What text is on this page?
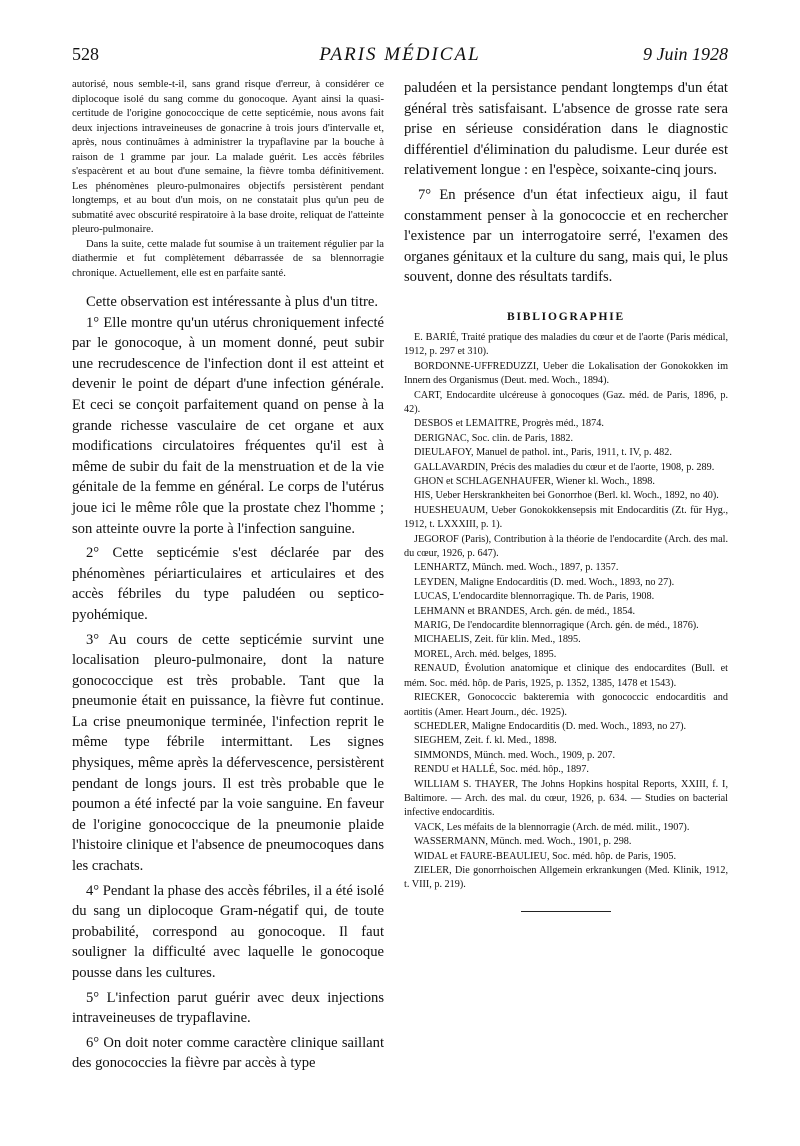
PARIS MÉDICAL
528	9 Juin 1928

autorisé, nous semble-t-il, sans grand risque d'erreur, à considérer ce diplocoque isolé du sang comme du gonocoque. Ayant ainsi la quasi-certitude de l'origine gonococcique de cette septicémie, nous avons fait deux injections intraveineuses de gonacrine à trois jours d'intervalle et, après, nous continuâmes à administrer la trypaflavine par la bouche à raison de 1 gramme par jour. La malade guérit. Les accès fébriles s'espacèrent et au bout d'une semaine, la fièvre tomba définitivement. Les phénomènes pleuro-pulmonaires objectifs persistèrent pendant longtemps, et au bout d'un mois, on ne constatait plus qu'un peu de submatité avec obscurité respiratoire à la base droite, reliquat de l'atteinte pleuro-pulmonaire.

Dans la suite, cette malade fut soumise à un traitement régulier par la diathermie et fut complètement débarrassée de sa blennorragie chronique. Actuellement, elle est en parfaite santé.

Cette observation est intéressante à plus d'un titre.

1° Elle montre qu'un utérus chroniquement infecté par le gonocoque, à un moment donné, peut subir une recrudescence de l'infection dont il est atteint et devenir le point de départ d'une infection générale. Et ceci se conçoit parfaitement quand on pense à la grande richesse vasculaire de cet organe et aux modifications circulatoires fréquentes qu'il est à même de subir du fait de la menstruation et de la vie génitale de la femme en général. Le corps de l'utérus joue ici le même rôle que la prostate chez l'homme ; son atteinte ouvre la porte à l'infection sanguine.

2° Cette septicémie s'est déclarée par des phénomènes périarticulaires et articulaires et des accès fébriles du type paludéen ou septico-pyohémique.

3° Au cours de cette septicémie survint une localisation pleuro-pulmonaire, dont la nature gonococcique est très probable. Tant que la pneumonie était en puissance, la fièvre fut continue. La crise pneumonique terminée, l'infection reprit le même type fébrile intermittant. Les signes physiques, même après la défervescence, persistèrent pendant de longs jours. Il est très probable que le poumon a été infecté par la voie sanguine. En faveur de l'origine gonococcique de la pneumonie plaide l'histoire clinique et l'absence de pneumocoques dans les crachats.

4° Pendant la phase des accès fébriles, il a été isolé du sang un diplocoque Gram-négatif qui, de toute probabilité, correspond au gonocoque. Il faut souligner la difficulté avec laquelle le gonocoque pousse dans les cultures.

5° L'infection parut guérir avec deux injections intraveineuses de trypaflavine.

6° On doit noter comme caractère clinique saillant des gonococcies la fièvre par accès à type

paludéen et la persistance pendant longtemps d'un état général très satisfaisant. L'absence de grosse rate sera prise en sérieuse considération dans le diagnostic différentiel d'élimination du paludisme. Leur durée est relativement longue : en l'espèce, soixante-cinq jours.

7° En présence d'un état infectieux aigu, il faut constamment penser à la gonococcie et en rechercher l'existence par un interrogatoire serré, l'examen des organes génitaux et la culture du sang, mais qui, le plus souvent, donne des résultats tardifs.

BIBLIOGRAPHIE
E. BARIÉ, Traité pratique des maladies du cœur et de l'aorte (Paris médical, 1912, p. 297 et 310).
BORDONNE-UFFREDUZZI, Ueber die Lokalisation der Gonokokken im Innern des Organismus (Deut. med. Woch., 1894).
CART, Endocardite ulcéreuse à gonocoques (Gaz. méd. de Paris, 1896, p. 42).
DESBOS et LEMAITRE, Progrès méd., 1874.
DERIGNAC, Soc. clin. de Paris, 1882.
DIEULAFOY, Manuel de pathol. int., Paris, 1911, t. IV, p. 482.
GALLAVARDIN, Précis des maladies du cœur et de l'aorte, 1908, p. 289.
GHON et SCHLAGENHAUFER, Wiener kl. Woch., 1898.
HIS, Ueber Herskrankheiten bei Gonorrhoe (Berl. kl. Woch., 1892, no 40).
HUESHEUAUM, Ueber Gonokokkensepsis mit Endocarditis (Zt. für Hyg., 1912, t. LXXXIII, p. 1).
JEGOROF (Paris), Contribution à la théorie de l'endocardite (Arch. des mal. du cœur, 1926, p. 647).
LENHARTZ, Münch. med. Woch., 1897, p. 1357.
LEYDEN, Maligne Endocarditis (D. med. Woch., 1893, no 27).
LUCAS, L'endocardite blennorragique. Th. de Paris, 1908.
LEHMANN et BRANDES, Arch. gén. de méd., 1854.
MARIG, De l'endocardite blennorragique (Arch. gén. de méd., 1876).
MICHAELIS, Zeit. für klin. Med., 1895.
MOREL, Arch. méd. belges, 1895.
RENAUD, Évolution anatomique et clinique des endocardites (Bull. et mém. Soc. méd. hôp. de Paris, 1925, p. 1352, 1385, 1478 et 1543).
RIECKER, Gonococcic bakteremia with gonococcic endocarditis and aortitis (Amer. Heart Journ., déc. 1925).
SCHEDLER, Maligne Endocarditis (D. med. Woch., 1893, no 27).
SIEGHEM, Zeit. f. kl. Med., 1898.
SIMMONDS, Münch. med. Woch., 1909, p. 207.
RENDU et HALLÉ, Soc. méd. hôp., 1897.
WILLIAM S. THAYER, The Johns Hopkins hospital Reports, XXIII, f. I, Baltimore. — Arch. des mal. du cœur, 1926, p. 634. — Studies on bacterial infective endocarditis.
VACK, Les méfaits de la blennorragie (Arch. de méd. milit., 1907).
WASSERMANN, Münch. med. Woch., 1901, p. 298.
WIDAL et FAURE-BEAULIEU, Soc. méd. hôp. de Paris, 1905.
ZIELER, Die gonorrhoischen Allgemein erkrankungen (Med. Klinik, 1912, t. VIII, p. 219).
